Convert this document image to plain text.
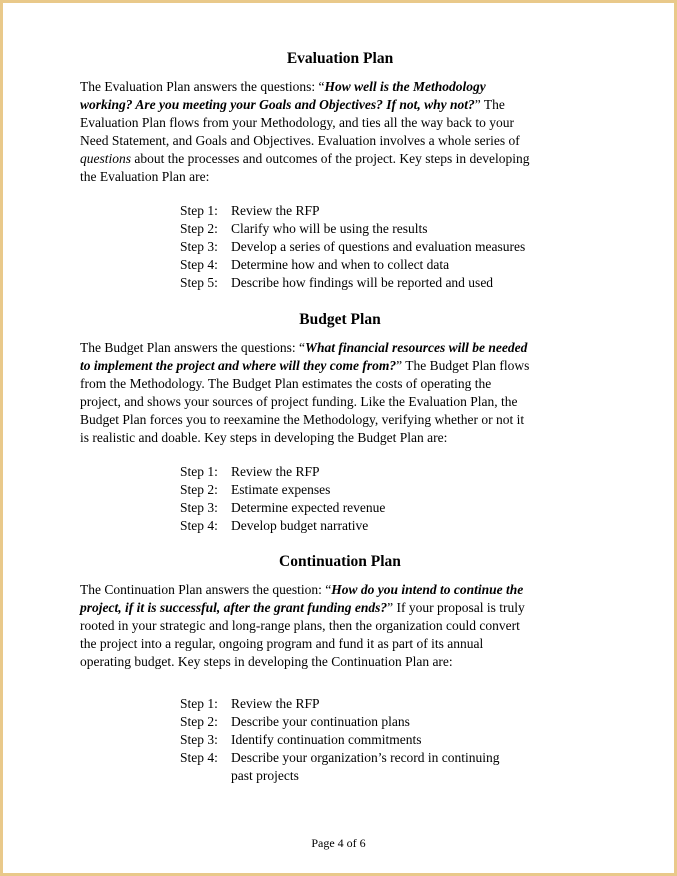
Evaluation Plan
The Evaluation Plan answers the questions: “How well is the Methodology
working? Are you meeting your Goals and Objectives? If not, why not?” The
Evaluation Plan flows from your Methodology, and ties all the way back to your
Need Statement, and Goals and Objectives. Evaluation involves a whole series of
questions about the processes and outcomes of the project. Key steps in developing
the Evaluation Plan are:
Step 1: Review the RFP
Step 2: Clarify who will be using the results
Step 3: Develop a series of questions and evaluation measures
Step 4: Determine how and when to collect data
Step 5: Describe how findings will be reported and used
Budget Plan
The Budget Plan answers the questions: “What financial resources will be needed
to implement the project and where will they come from?” The Budget Plan flows
from the Methodology. The Budget Plan estimates the costs of operating the
project, and shows your sources of project funding. Like the Evaluation Plan, the
Budget Plan forces you to reexamine the Methodology, verifying whether or not it
is realistic and doable. Key steps in developing the Budget Plan are:
Step 1: Review the RFP
Step 2: Estimate expenses
Step 3: Determine expected revenue
Step 4: Develop budget narrative
Continuation Plan
The Continuation Plan answers the question: “How do you intend to continue the
project, if it is successful, after the grant funding ends?” If your proposal is truly
rooted in your strategic and long-range plans, then the organization could convert
the project into a regular, ongoing program and fund it as part of its annual
operating budget. Key steps in developing the Continuation Plan are:
Step 1: Review the RFP
Step 2: Describe your continuation plans
Step 3: Identify continuation commitments
Step 4: Describe your organization’s record in continuing
past projects
Page 4 of 6
